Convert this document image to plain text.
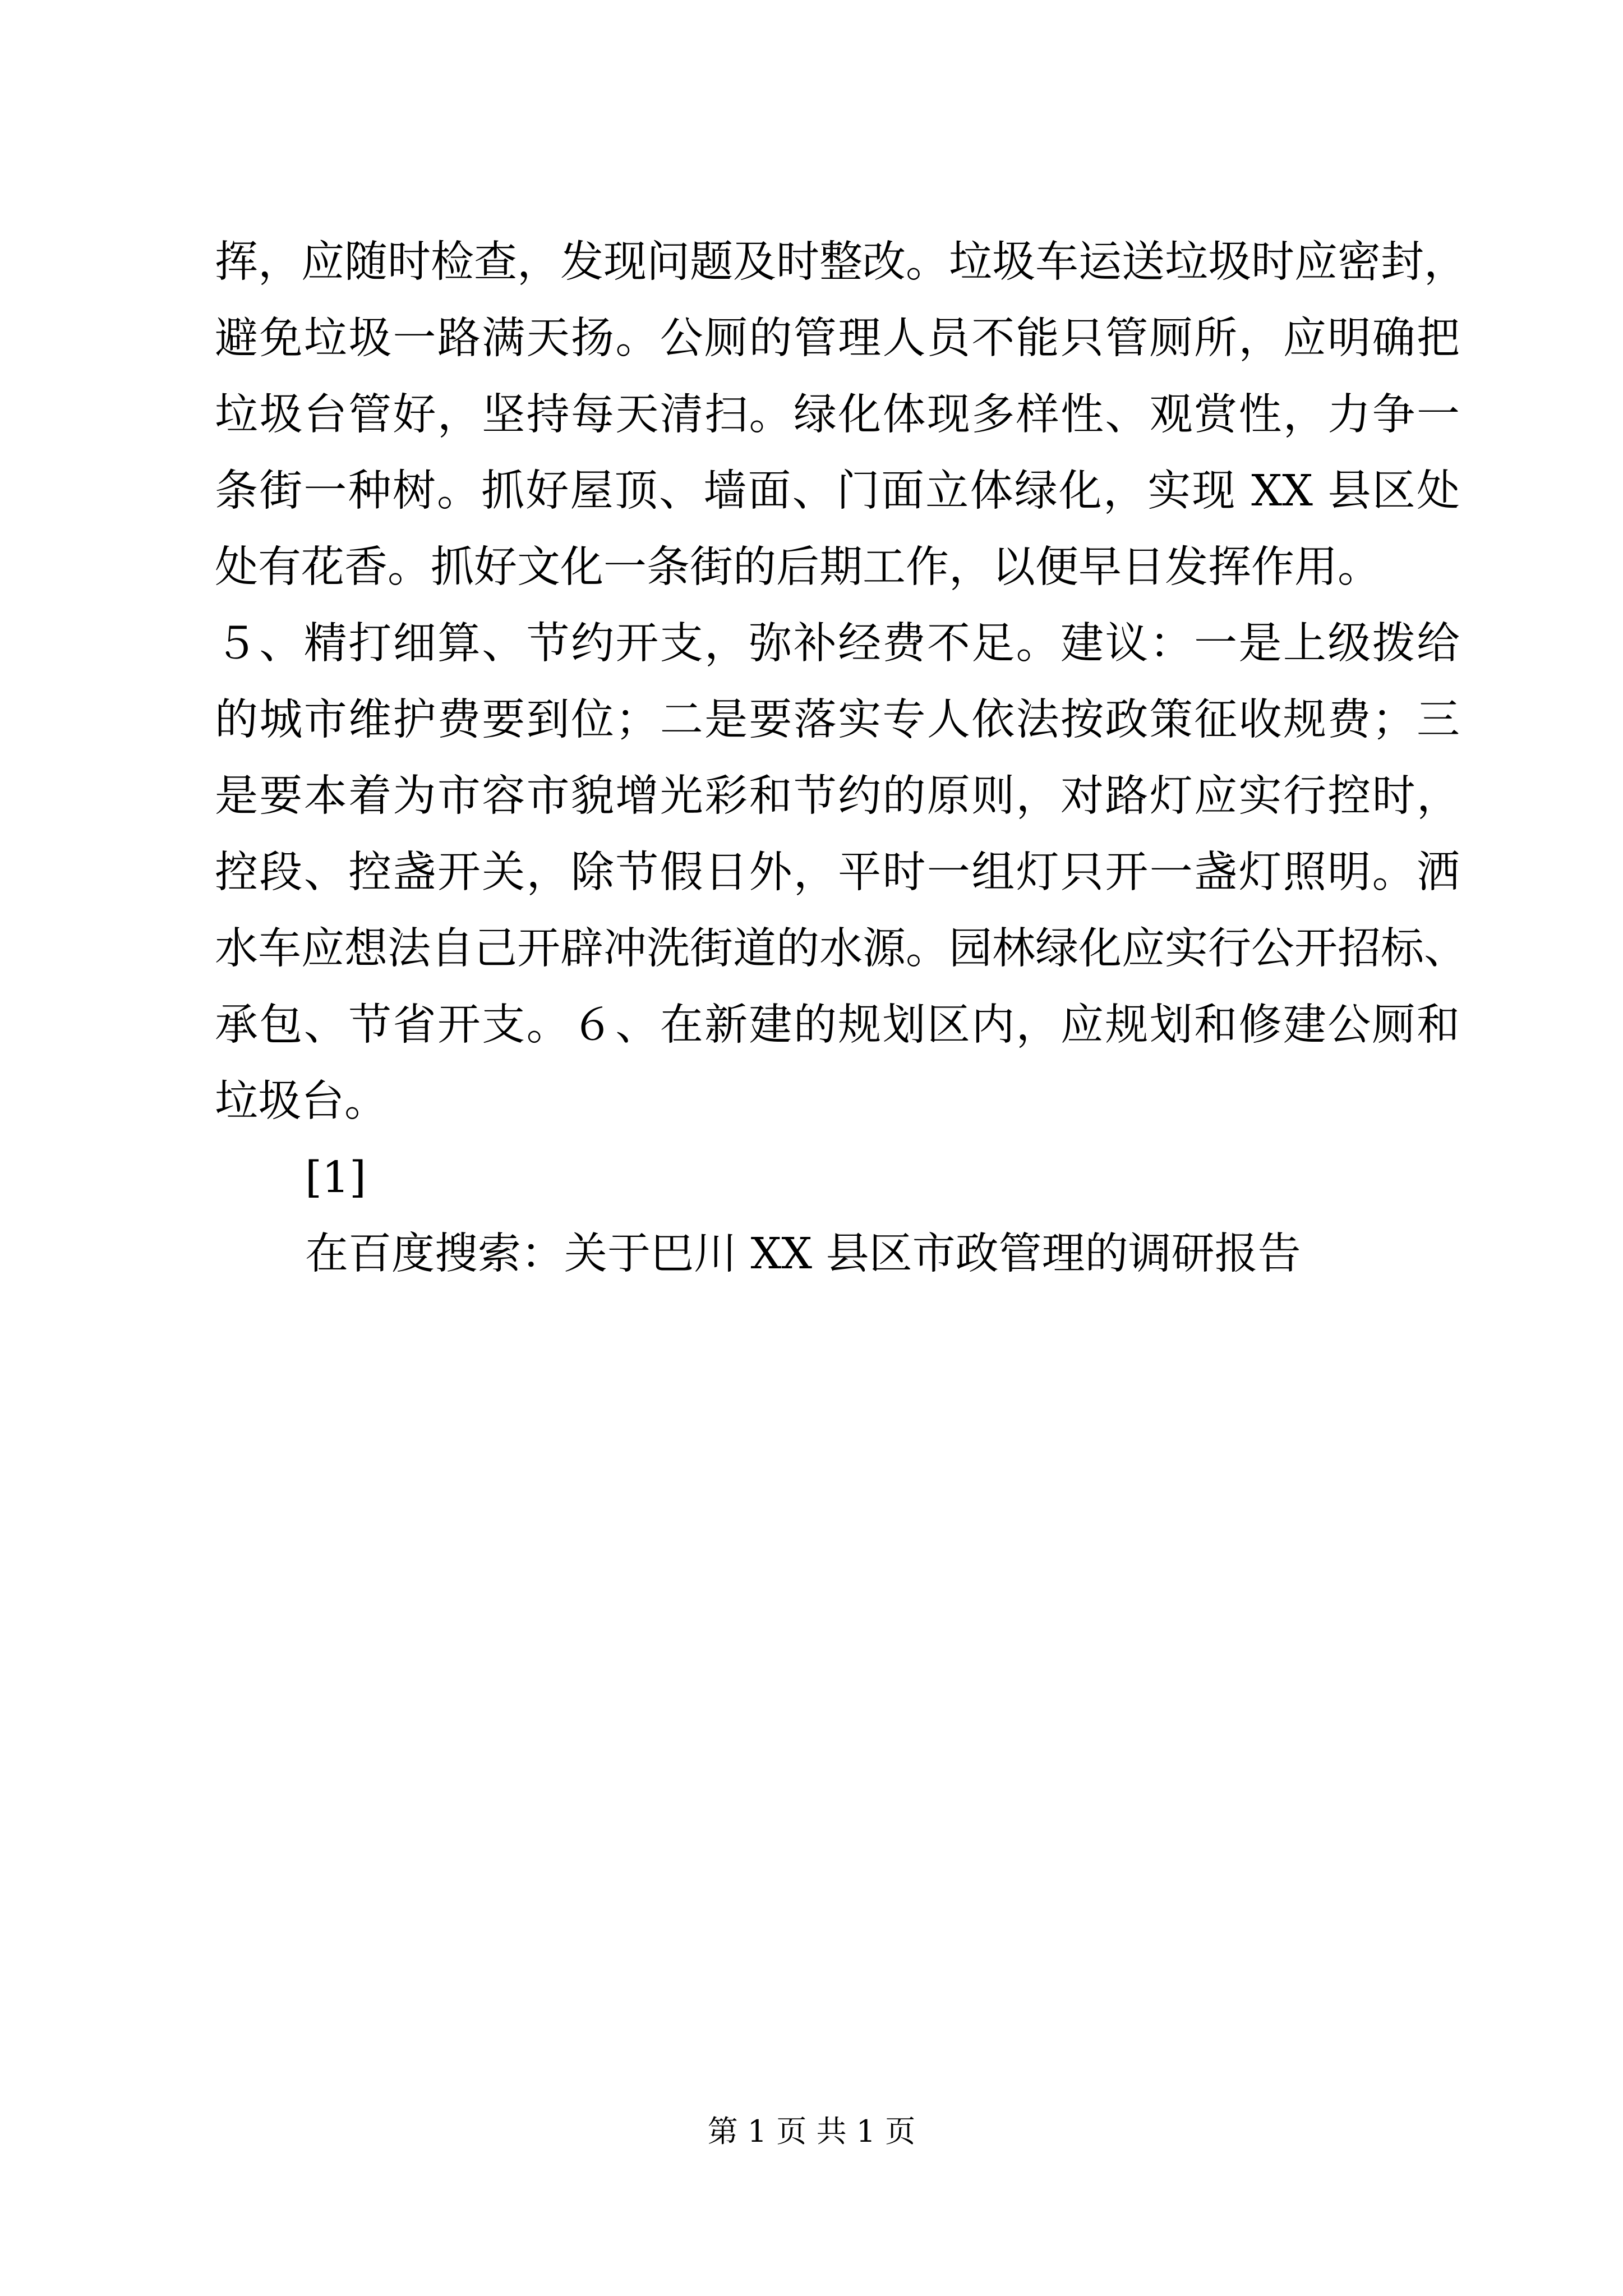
挥，应随时检查，发现问题及时整改。垃圾车运送垃圾时应密封，
避免垃圾一路满天扬。公厕的管理人员不能只管厕所，应明确把
垃圾台管好，坚持每天清扫。绿化体现多样性、观赏性，力争一
条街一种树。抓好屋顶、墙面、门面立体绿化，实现 XX 县区处
处有花香。抓好文化一条街的后期工作，以便早日发挥作用。
５、精打细算、节约开支，弥补经费不足。建议：一是上级拨给
的城市维护费要到位；二是要落实专人依法按政策征收规费；三
是要本着为市容市貌增光彩和节约的原则，对路灯应实行控时，
控段、控盏开关，除节假日外，平时一组灯只开一盏灯照明。洒
水车应想法自己开辟冲洗街道的水源。园林绿化应实行公开招标、
承包、节省开支。６、在新建的规划区内，应规划和修建公厕和
垃圾台。
[1]
在百度搜索：关于巴川 XX 县区市政管理的调研报告
第 1 页 共 1 页
